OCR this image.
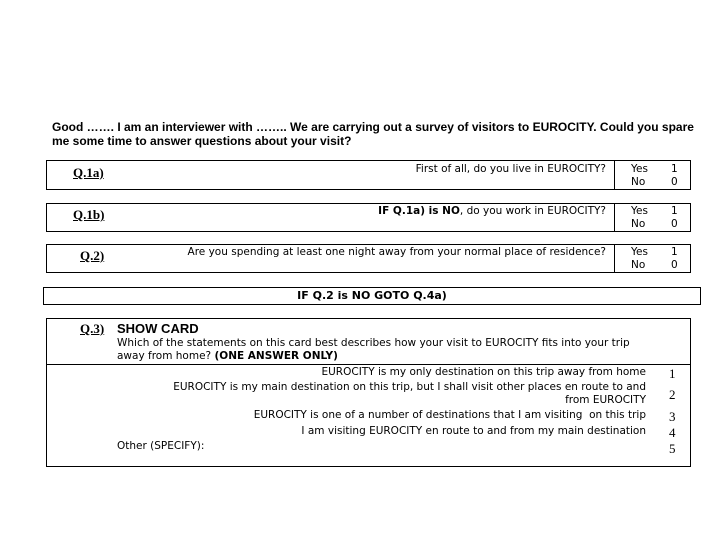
Good ……. I am an interviewer with …….. We are carrying out a survey of visitors to EUROCITY. Could you spare me some time to answer questions about your visit?
Q.1a)	First of all, do you live in EUROCITY? Yes 1
No 0
Q.1b)	IF Q.1a) is NO, do you work in EUROCITY? Yes 1
No 0
Q.2)	Are you spending at least one night away from your normal place of residence? Yes 1
No 0
IF Q.2 is NO GOTO Q.4a)
Q.3) SHOW CARD
Which of the statements on this card best describes how your visit to EUROCITY fits into your trip away from home? (ONE ANSWER ONLY)
EUROCITY is my only destination on this trip away from home 1
EUROCITY is my main destination on this trip, but I shall visit other places en route to and from EUROCITY 2
EUROCITY is one of a number of destinations that I am visiting  on this trip 3
I am visiting EUROCITY en route to and from my main destination 4
Other (SPECIFY):	5
